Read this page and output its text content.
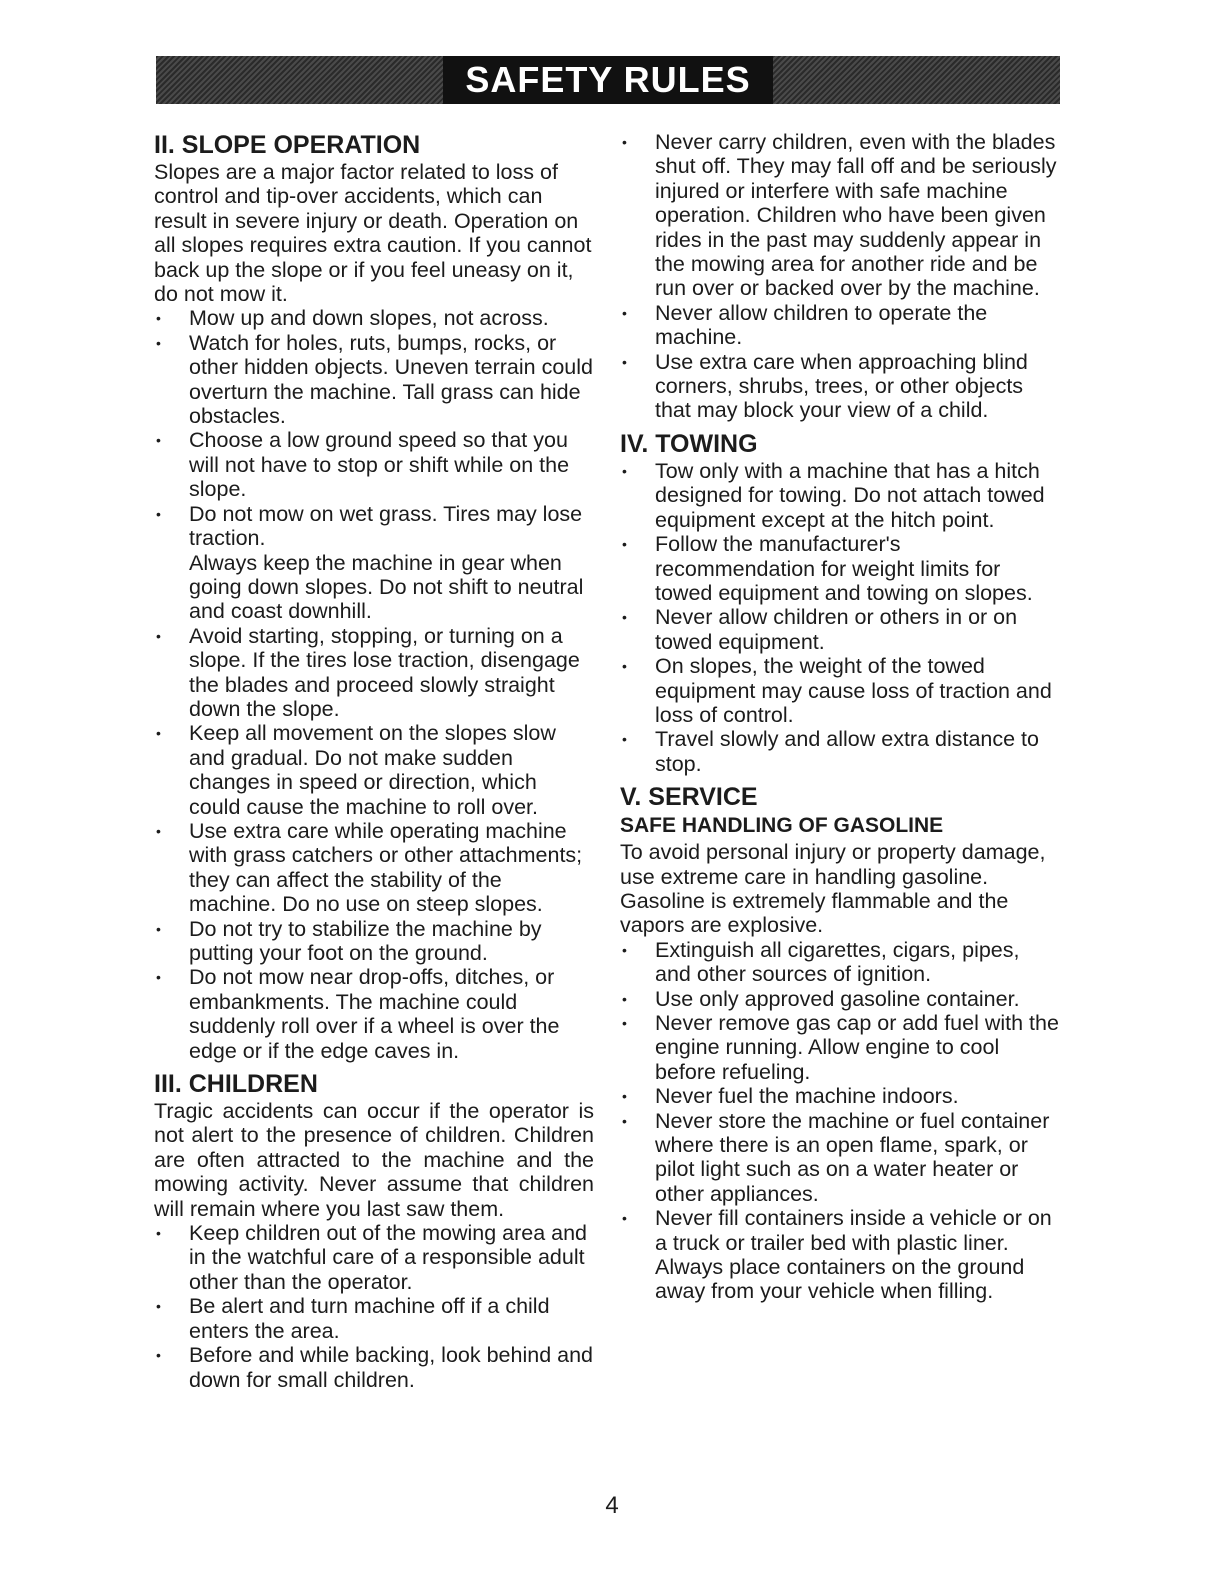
SAFETY RULES

II. SLOPE OPERATION

Slopes are a major factor related to loss of control and tip-over accidents, which can result in severe injury or death. Operation on all slopes requires extra caution. If you cannot back up the slope or if you feel uneasy on it, do not mow it.

• Mow up and down slopes, not across.
• Watch for holes, ruts, bumps, rocks, or other hidden objects. Uneven terrain could overturn the machine. Tall grass can hide obstacles.
• Choose a low ground speed so that you will not have to stop or shift while on the slope.
• Do not mow on wet grass. Tires may lose traction.
Always keep the machine in gear when going down slopes. Do not shift to neutral and coast downhill.
• Avoid starting, stopping, or turning on a slope. If the tires lose traction, disengage the blades and proceed slowly straight down the slope.
• Keep all movement on the slopes slow and gradual. Do not make sudden changes in speed or direction, which could cause the machine to roll over.
• Use extra care while operating machine with grass catchers or other attachments; they can affect the stability of the machine. Do no use on steep slopes.
• Do not try to stabilize the machine by putting your foot on the ground.
• Do not mow near drop-offs, ditches, or embankments. The machine could suddenly roll over if a wheel is over the edge or if the edge caves in.

III. CHILDREN

Tragic accidents can occur if the operator is not alert to the presence of children. Children are often attracted to the machine and the mowing activity. Never assume that children will remain where you last saw them.

• Keep children out of the mowing area and in the watchful care of a responsible adult other than the operator.
• Be alert and turn machine off if a child enters the area.
• Before and while backing, look behind and down for small children.
• Never carry children, even with the blades shut off. They may fall off and be seriously injured or interfere with safe machine operation. Children who have been given rides in the past may suddenly appear in the mowing area for another ride and be run over or backed over by the machine.
• Never allow children to operate the machine.
• Use extra care when approaching blind corners, shrubs, trees, or other objects that may block your view of a child.

IV. TOWING

• Tow only with a machine that has a hitch designed for towing. Do not attach towed equipment except at the hitch point.
• Follow the manufacturer's recommendation for weight limits for towed equipment and towing on slopes.
• Never allow children or others in or on towed equipment.
• On slopes, the weight of the towed equipment may cause loss of traction and loss of control.
• Travel slowly and allow extra distance to stop.

V. SERVICE

SAFE HANDLING OF GASOLINE

To avoid personal injury or property damage, use extreme care in handling gasoline. Gasoline is extremely flammable and the vapors are explosive.

• Extinguish all cigarettes, cigars, pipes, and other sources of ignition.
• Use only approved gasoline container.
• Never remove gas cap or add fuel with the engine running. Allow engine to cool before refueling.
• Never fuel the machine indoors.
• Never store the machine or fuel container where there is an open flame, spark, or pilot light such as on a water heater or other appliances.
• Never fill containers inside a vehicle or on a truck or trailer bed with plastic liner. Always place containers on the ground away from your vehicle when filling.
4
